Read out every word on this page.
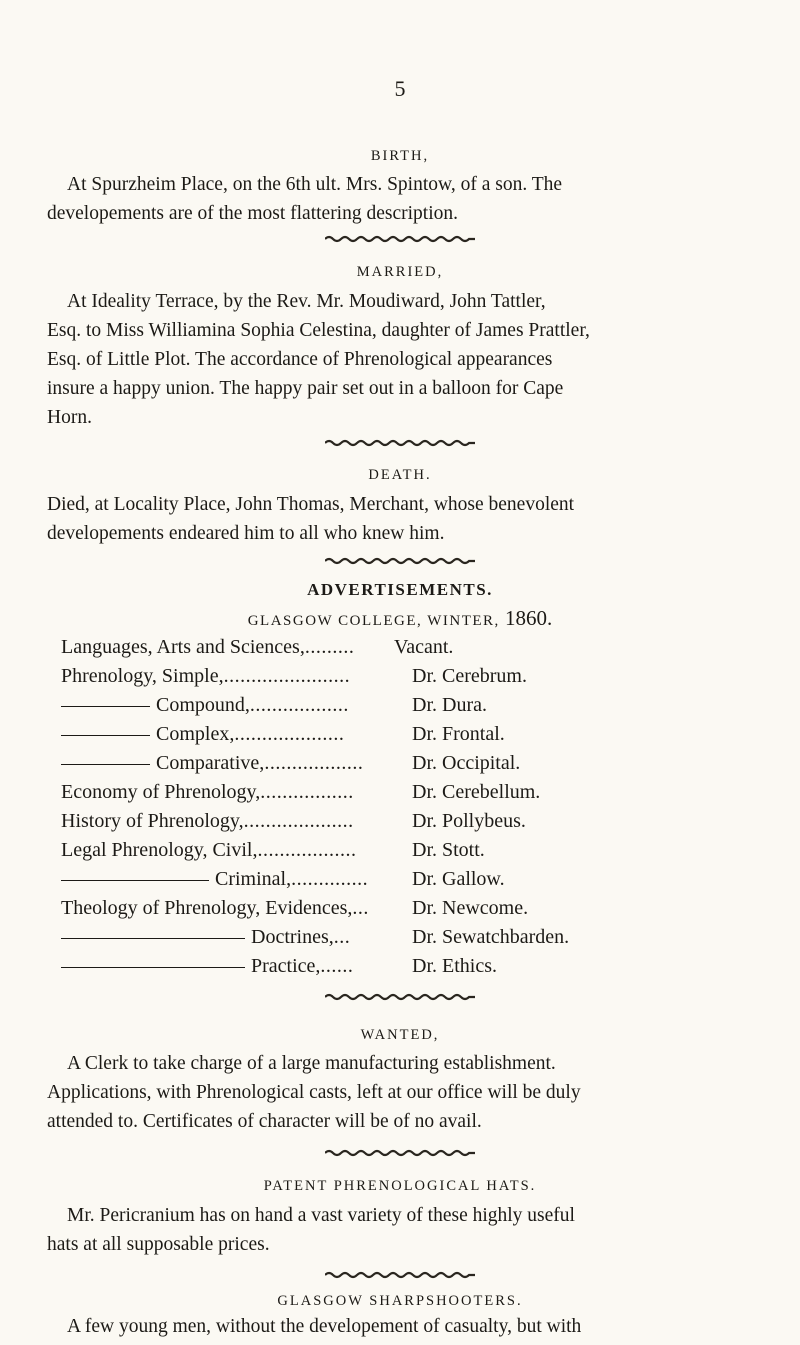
5
BIRTH,
At Spurzheim Place, on the 6th ult. Mrs. Spintow, of a son. The
developements are of the most flattering description.
MARRIED,
At Ideality Terrace, by the Rev. Mr. Moudiward, John Tattler,
Esq. to Miss Williamina Sophia Celestina, daughter of James Prattler,
Esq. of Little Plot. The accordance of Phrenological appearances
insure a happy union. The happy pair set out in a balloon for Cape
Horn.
DEATH.
Died, at Locality Place, John Thomas, Merchant, whose benevolent
developements endeared him to all who knew him.
ADVERTISEMENTS.
GLASGOW COLLEGE, WINTER, 1860.
Languages, Arts and Sciences,......... Vacant.
Phrenology, Simple,.......................	Dr. Cerebrum.
Compound,..................	Dr. Dura.
Complex,....................	Dr. Frontal.
Comparative,.................. Dr. Occipital.
Economy of Phrenology,.................	Dr. Cerebellum.
History of Phrenology,....................	Dr. Pollybeus.
Legal Phrenology, Civil,..................	Dr. Stott.
Criminal,.............. Dr. Gallow.
Theology of Phrenology, Evidences,... Dr. Newcome.
Doctrines,...	Dr. Sewatchbarden.
Practice,......	Dr. Ethics.
WANTED,
A Clerk to take charge of a large manufacturing establishment.
Applications, with Phrenological casts, left at our office will be duly
attended to. Certificates of character will be of no avail.
PATENT PHRENOLOGICAL HATS.
Mr. Pericranium has on hand a vast variety of these highly useful
hats at all supposable prices.
GLASGOW SHARPSHOOTERS.
A few young men, without the developement of casualty, but with
